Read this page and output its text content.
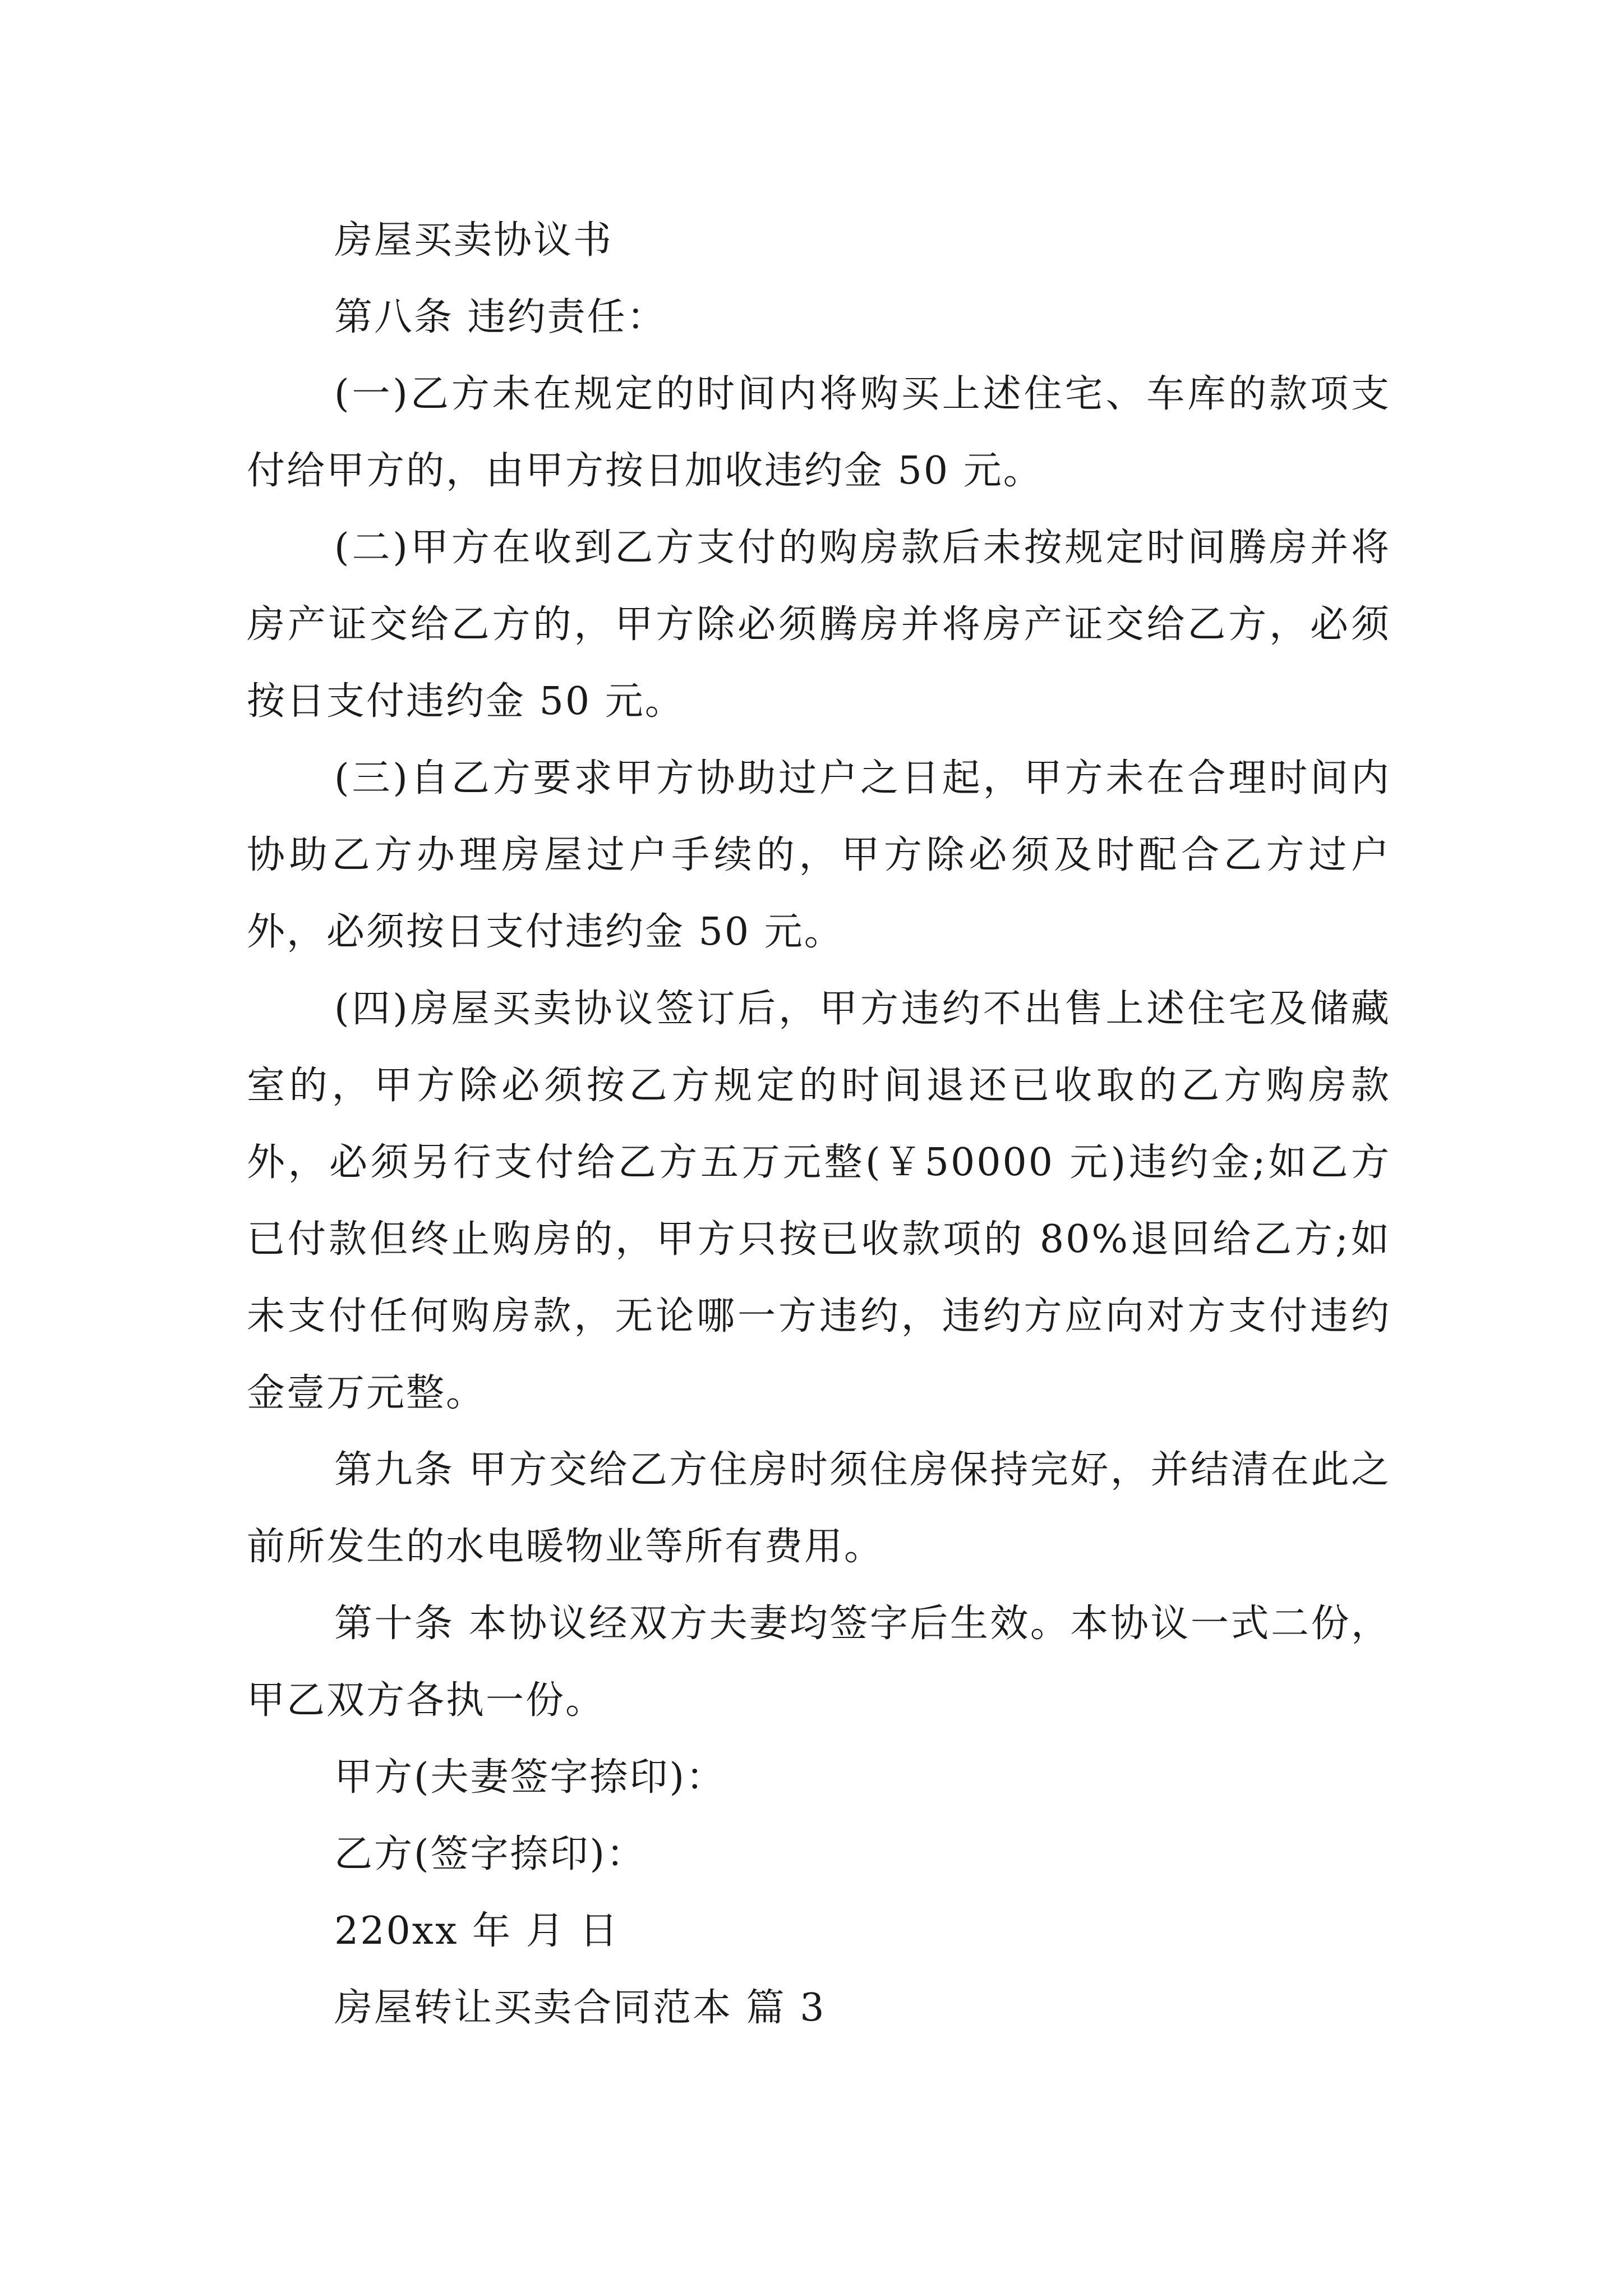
房屋买卖协议书
第八条 违约责任：
(一)乙方未在规定的时间内将购买上述住宅、车库的款项支付给甲方的，由甲方按日加收违约金 50 元。
(二)甲方在收到乙方支付的购房款后未按规定时间腾房并将房产证交给乙方的，甲方除必须腾房并将房产证交给乙方，必须按日支付违约金 50 元。
(三)自乙方要求甲方协助过户之日起，甲方未在合理时间内协助乙方办理房屋过户手续的，甲方除必须及时配合乙方过户外，必须按日支付违约金 50 元。
(四)房屋买卖协议签订后，甲方违约不出售上述住宅及储藏室的，甲方除必须按乙方规定的时间退还已收取的乙方购房款外，必须另行支付给乙方五万元整(￥50000 元)违约金;如乙方已付款但终止购房的，甲方只按已收款项的 80%退回给乙方;如未支付任何购房款，无论哪一方违约，违约方应向对方支付违约金壹万元整。
第九条 甲方交给乙方住房时须住房保持完好，并结清在此之前所发生的水电暖物业等所有费用。
第十条 本协议经双方夫妻均签字后生效。本协议一式二份，甲乙双方各执一份。
甲方(夫妻签字捺印)：
乙方(签字捺印)：
220xx 年 月 日
房屋转让买卖合同范本 篇 3
